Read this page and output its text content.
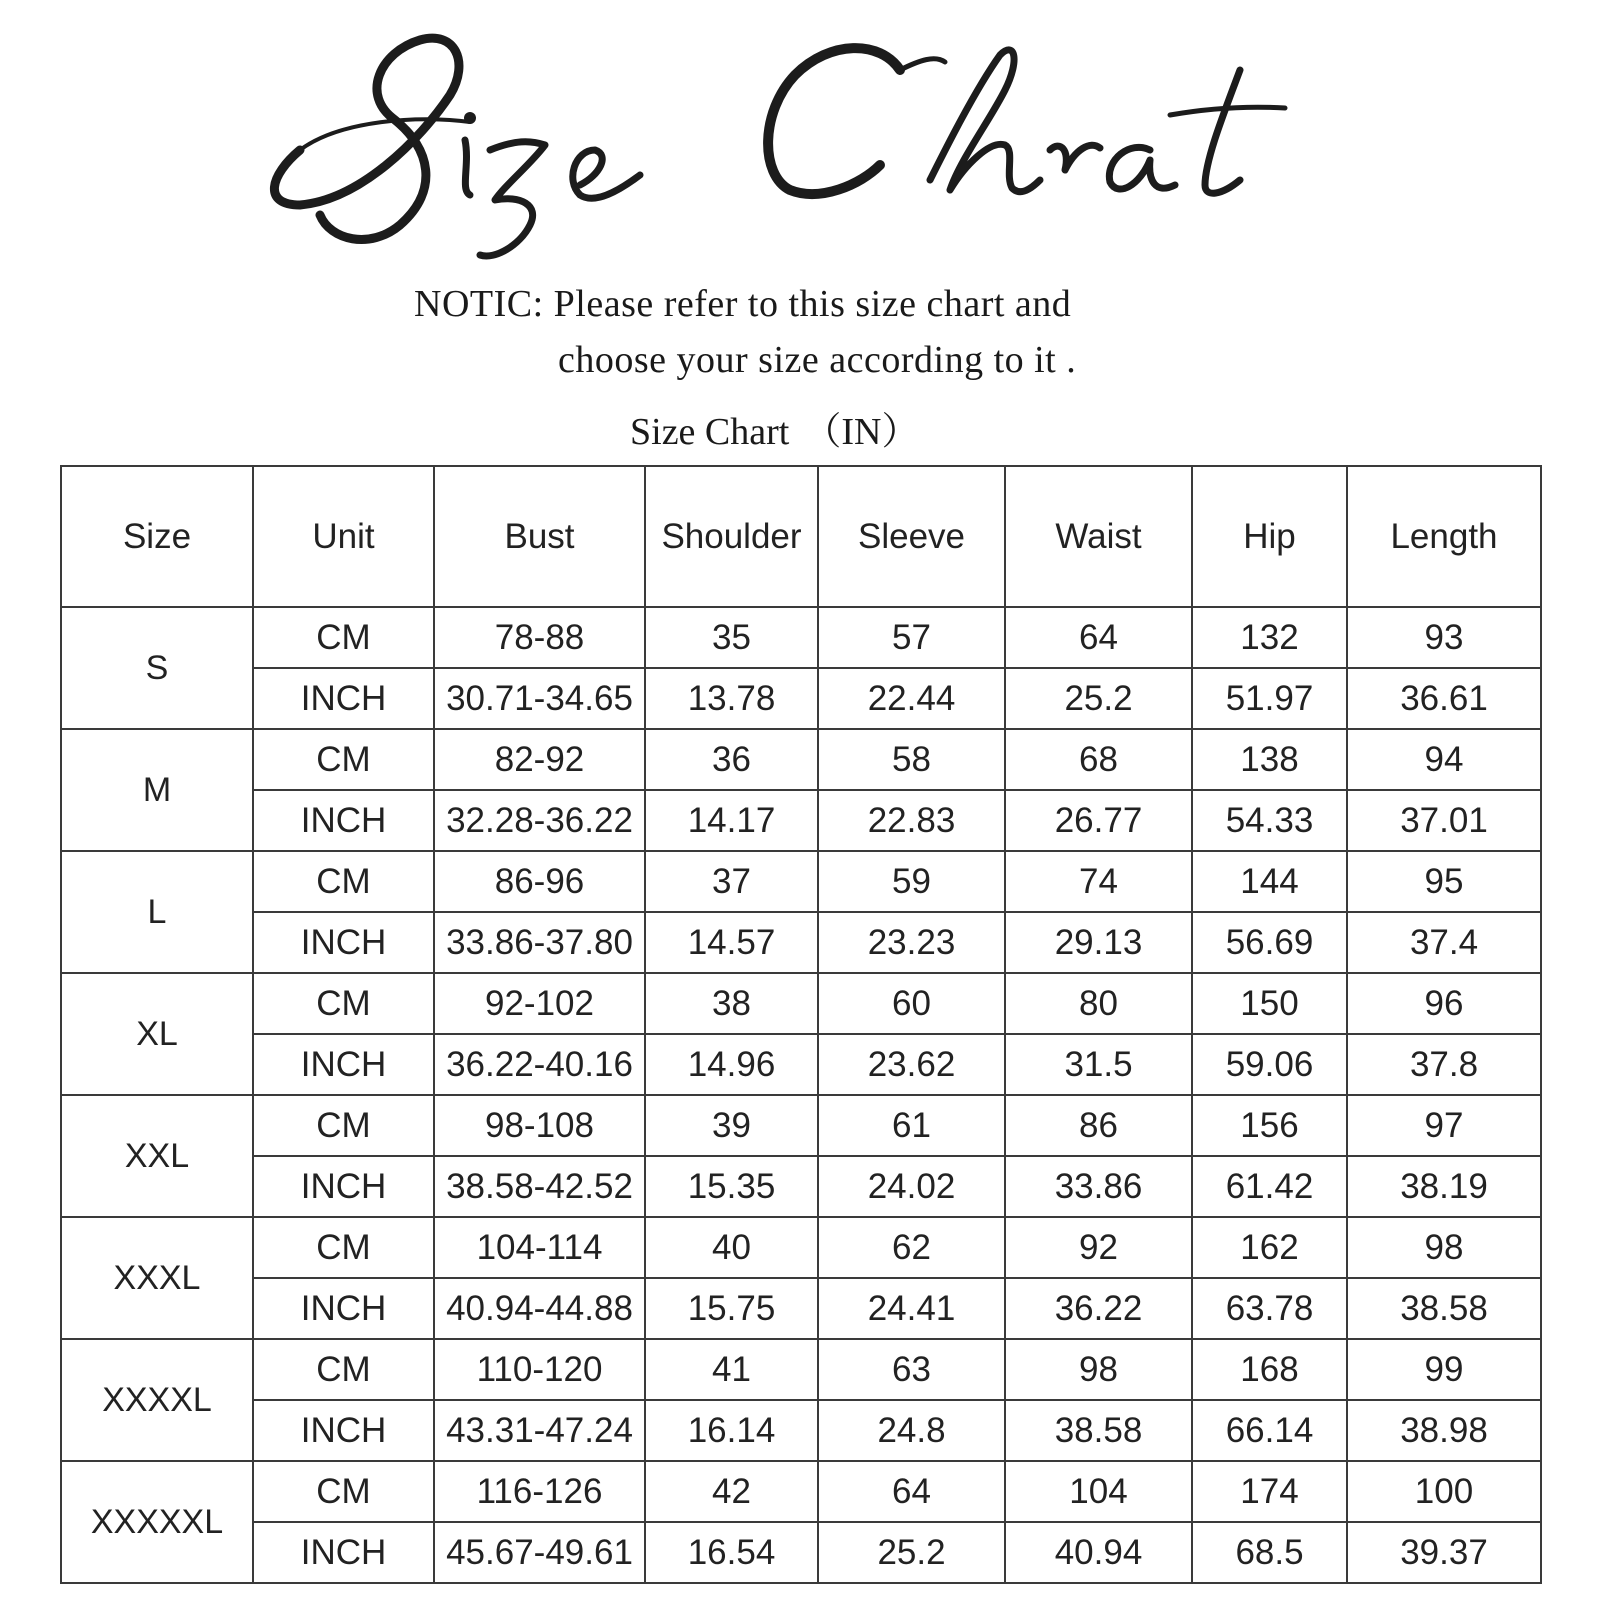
NOTIC: Please refer to this size chart and
choose your size according to it .
Size Chart （IN）
Size	Unit	Bust	Shoulder	Sleeve	Waist	Hip	Length
S	CM	78-88	35	57	64	132	93
	INCH	30.71-34.65	13.78	22.44	25.2	51.97	36.61
M	CM	82-92	36	58	68	138	94
	INCH	32.28-36.22	14.17	22.83	26.77	54.33	37.01
L	CM	86-96	37	59	74	144	95
	INCH	33.86-37.80	14.57	23.23	29.13	56.69	37.4
XL	CM	92-102	38	60	80	150	96
	INCH	36.22-40.16	14.96	23.62	31.5	59.06	37.8
XXL	CM	98-108	39	61	86	156	97
	INCH	38.58-42.52	15.35	24.02	33.86	61.42	38.19
XXXL	CM	104-114	40	62	92	162	98
	INCH	40.94-44.88	15.75	24.41	36.22	63.78	38.58
XXXXL	CM	110-120	41	63	98	168	99
	INCH	43.31-47.24	16.14	24.8	38.58	66.14	38.98
XXXXXL	CM	116-126	42	64	104	174	100
	INCH	45.67-49.61	16.54	25.2	40.94	68.5	39.37
